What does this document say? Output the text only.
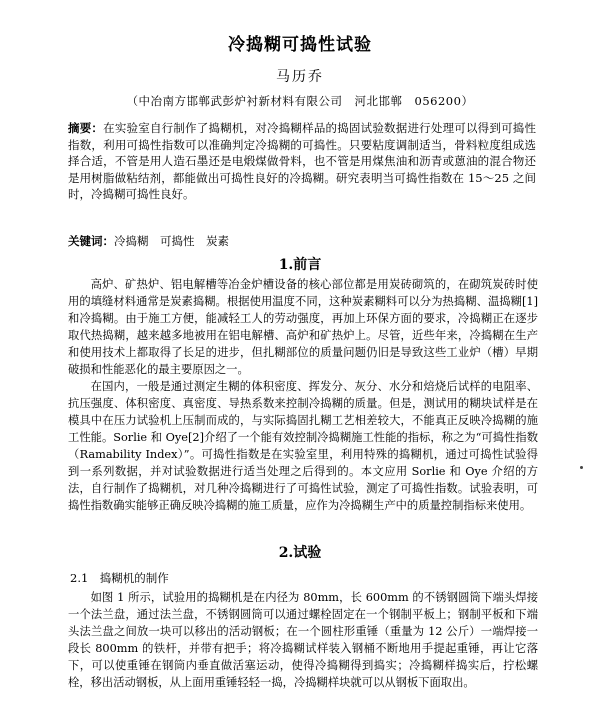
冷捣糊可捣性试验
马历乔
（中冶南方邯郸武彭炉衬新材料有限公司　河北邯郸　056200）
摘要：在实验室自行制作了捣糊机，对冷捣糊样品的捣固试验数据进行处理可以得到可捣性指数，利用可捣性指数可以准确判定冷捣糊的可捣性。只要粘度调制适当，骨料粒度组成选择合适，不管是用人造石墨还是电煅煤做骨料，也不管是用煤焦油和沥青或蒽油的混合物还是用树脂做粘结剂，都能做出可捣性良好的冷捣糊。研究表明当可捣性指数在 15～25 之间时，冷捣糊可捣性良好。
关键词：冷捣糊　可捣性　炭素
1.前言
高炉、矿热炉、铝电解槽等冶金炉槽设备的核心部位都是用炭砖砌筑的，在砌筑炭砖时使用的填缝材料通常是炭素捣糊。根据使用温度不同，这种炭素糊料可以分为热捣糊、温捣糊[1]和冷捣糊。由于施工方便，能减轻工人的劳动强度，再加上环保方面的要求，冷捣糊正在逐步取代热捣糊，越来越多地被用在铝电解槽、高炉和矿热炉上。尽管，近些年来，冷捣糊在生产和使用技术上都取得了长足的进步，但扎糊部位的质量问题仍旧是导致这些工业炉（槽）早期破损和性能恶化的最主要原因之一。
在国内，一般是通过测定生糊的体积密度、挥发分、灰分、水分和焙烧后试样的电阻率、抗压强度、体积密度、真密度、导热系数来控制冷捣糊的质量。但是，测试用的糊块试样是在模具中在压力试验机上压制而成的，与实际捣固扎糊工艺相差较大，不能真正反映冷捣糊的施工性能。Sorlie 和 Oye[2]介绍了一个能有效控制冷捣糊施工性能的指标，称之为“可捣性指数（Ramability Index）”。可捣性指数是在实验室里，利用特殊的捣糊机，通过可捣性试验得到一系列数据，并对试验数据进行适当处理之后得到的。本文应用 Sorlie 和 Oye 介绍的方法，自行制作了捣糊机，对几种冷捣糊进行了可捣性试验，测定了可捣性指数。试验表明，可捣性指数确实能够正确反映冷捣糊的施工质量，应作为冷捣糊生产中的质量控制指标来使用。
2.试验
2.1　捣糊机的制作
如图 1 所示，试验用的捣糊机是在内径为 80mm，长 600mm 的不锈钢圆筒下端头焊接一个法兰盘，通过法兰盘，不锈钢圆筒可以通过螺栓固定在一个钢制平板上；钢制平板和下端头法兰盘之间放一块可以移出的活动钢板；在一个圆柱形重锤（重量为 12 公斤）一端焊接一段长 800mm 的铁杆，并带有把手；将冷捣糊试样装入钢桶不断地用手提起重锤，再让它落下，可以使重锤在钢筒内垂直做活塞运动，使得冷捣糊得到捣实；冷捣糊样捣实后，拧松螺栓，移出活动钢板，从上面用重锤轻轻一捣，冷捣糊样块就可以从钢板下面取出。
